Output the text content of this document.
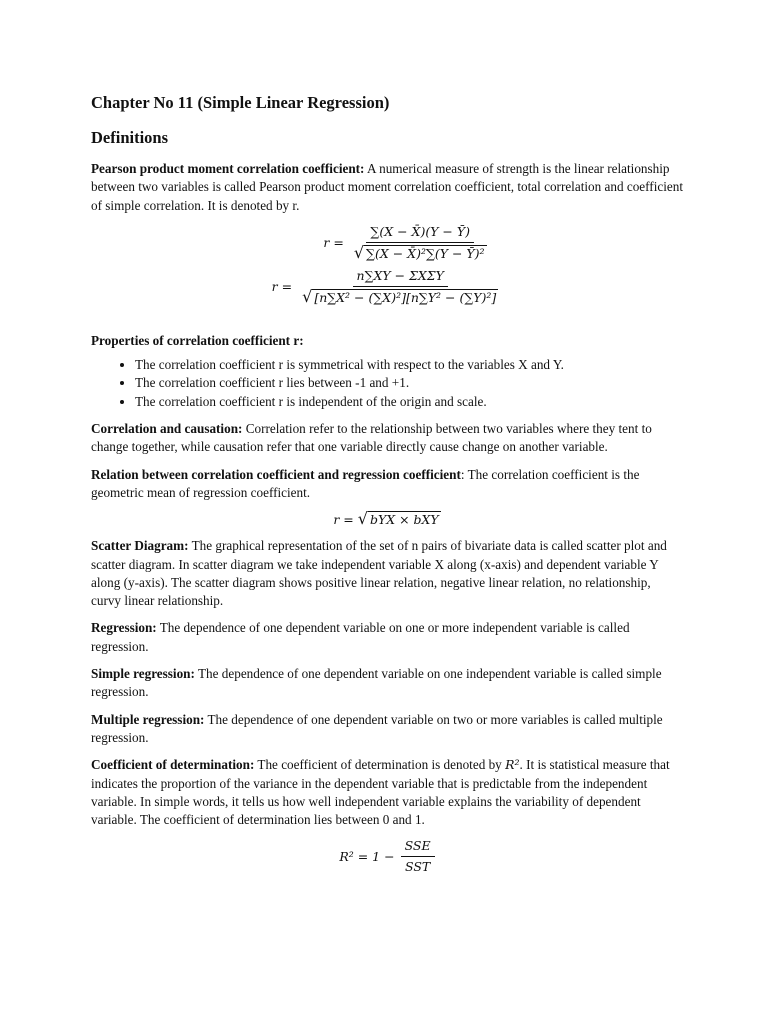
Chapter No 11 (Simple Linear Regression)
Definitions

Pearson product moment correlation coefficient: A numerical measure of strength is the linear relationship between two variables is called Pearson product moment correlation coefficient, total correlation and coefficient of simple correlation. It is denoted by r.

$r = \frac{\sum(X - X̄)(Y - Ȳ)}{\text{√ ∑(X − X̄)²∑(Y − Ȳ)²}}$
$r = \frac{\text{n∑XY − ΣXΣY}}{\text{√ [n∑X² − (∑X)²][n∑Y² − (∑Y)²]}}$

Properties of correlation coefficient r:

• The correlation coefficient r is symmetrical with respect to the variables X and Y.
• The correlation coefficient r lies between -1 and +1.
• The correlation coefficient r is independent of the origin and scale.

Correlation and causation: Correlation refer to the relationship between two variables where they tent to change together, while causation refer that one variable directly cause change on another variable.

Relation between correlation coefficient and regression coefficient: The correlation coefficient is the geometric mean of regression coefficient.

r =
√ bYX × bXY

Scatter Diagram: The graphical representation of the set of n pairs of bivariate data is called scatter plot and scatter diagram. In scatter diagram we take independent variable X along (x-axis) and dependent variable Y along (y-axis). The scatter diagram shows positive linear relation, negative linear relation, no relationship, curvy linear relationship.

Regression: The dependence of one dependent variable on one or more independent variable is called regression.

Simple regression: The dependence of one dependent variable on one independent variable is called simple regression.

Multiple regression: The dependence of one dependent variable on two or more variables is called multiple regression.

Coefficient of determination: The coefficient of determination is denoted by R². It is statistical measure that indicates the proportion of the variance in the dependent variable that is predictable from the independent variable. In simple words, it tells us how well independent variable explains the variability of dependent variable. The coefficient of determination lies between 0 and 1.

$R^2 = 1 - \frac{\text{SSE}}{\text{SST}}$
